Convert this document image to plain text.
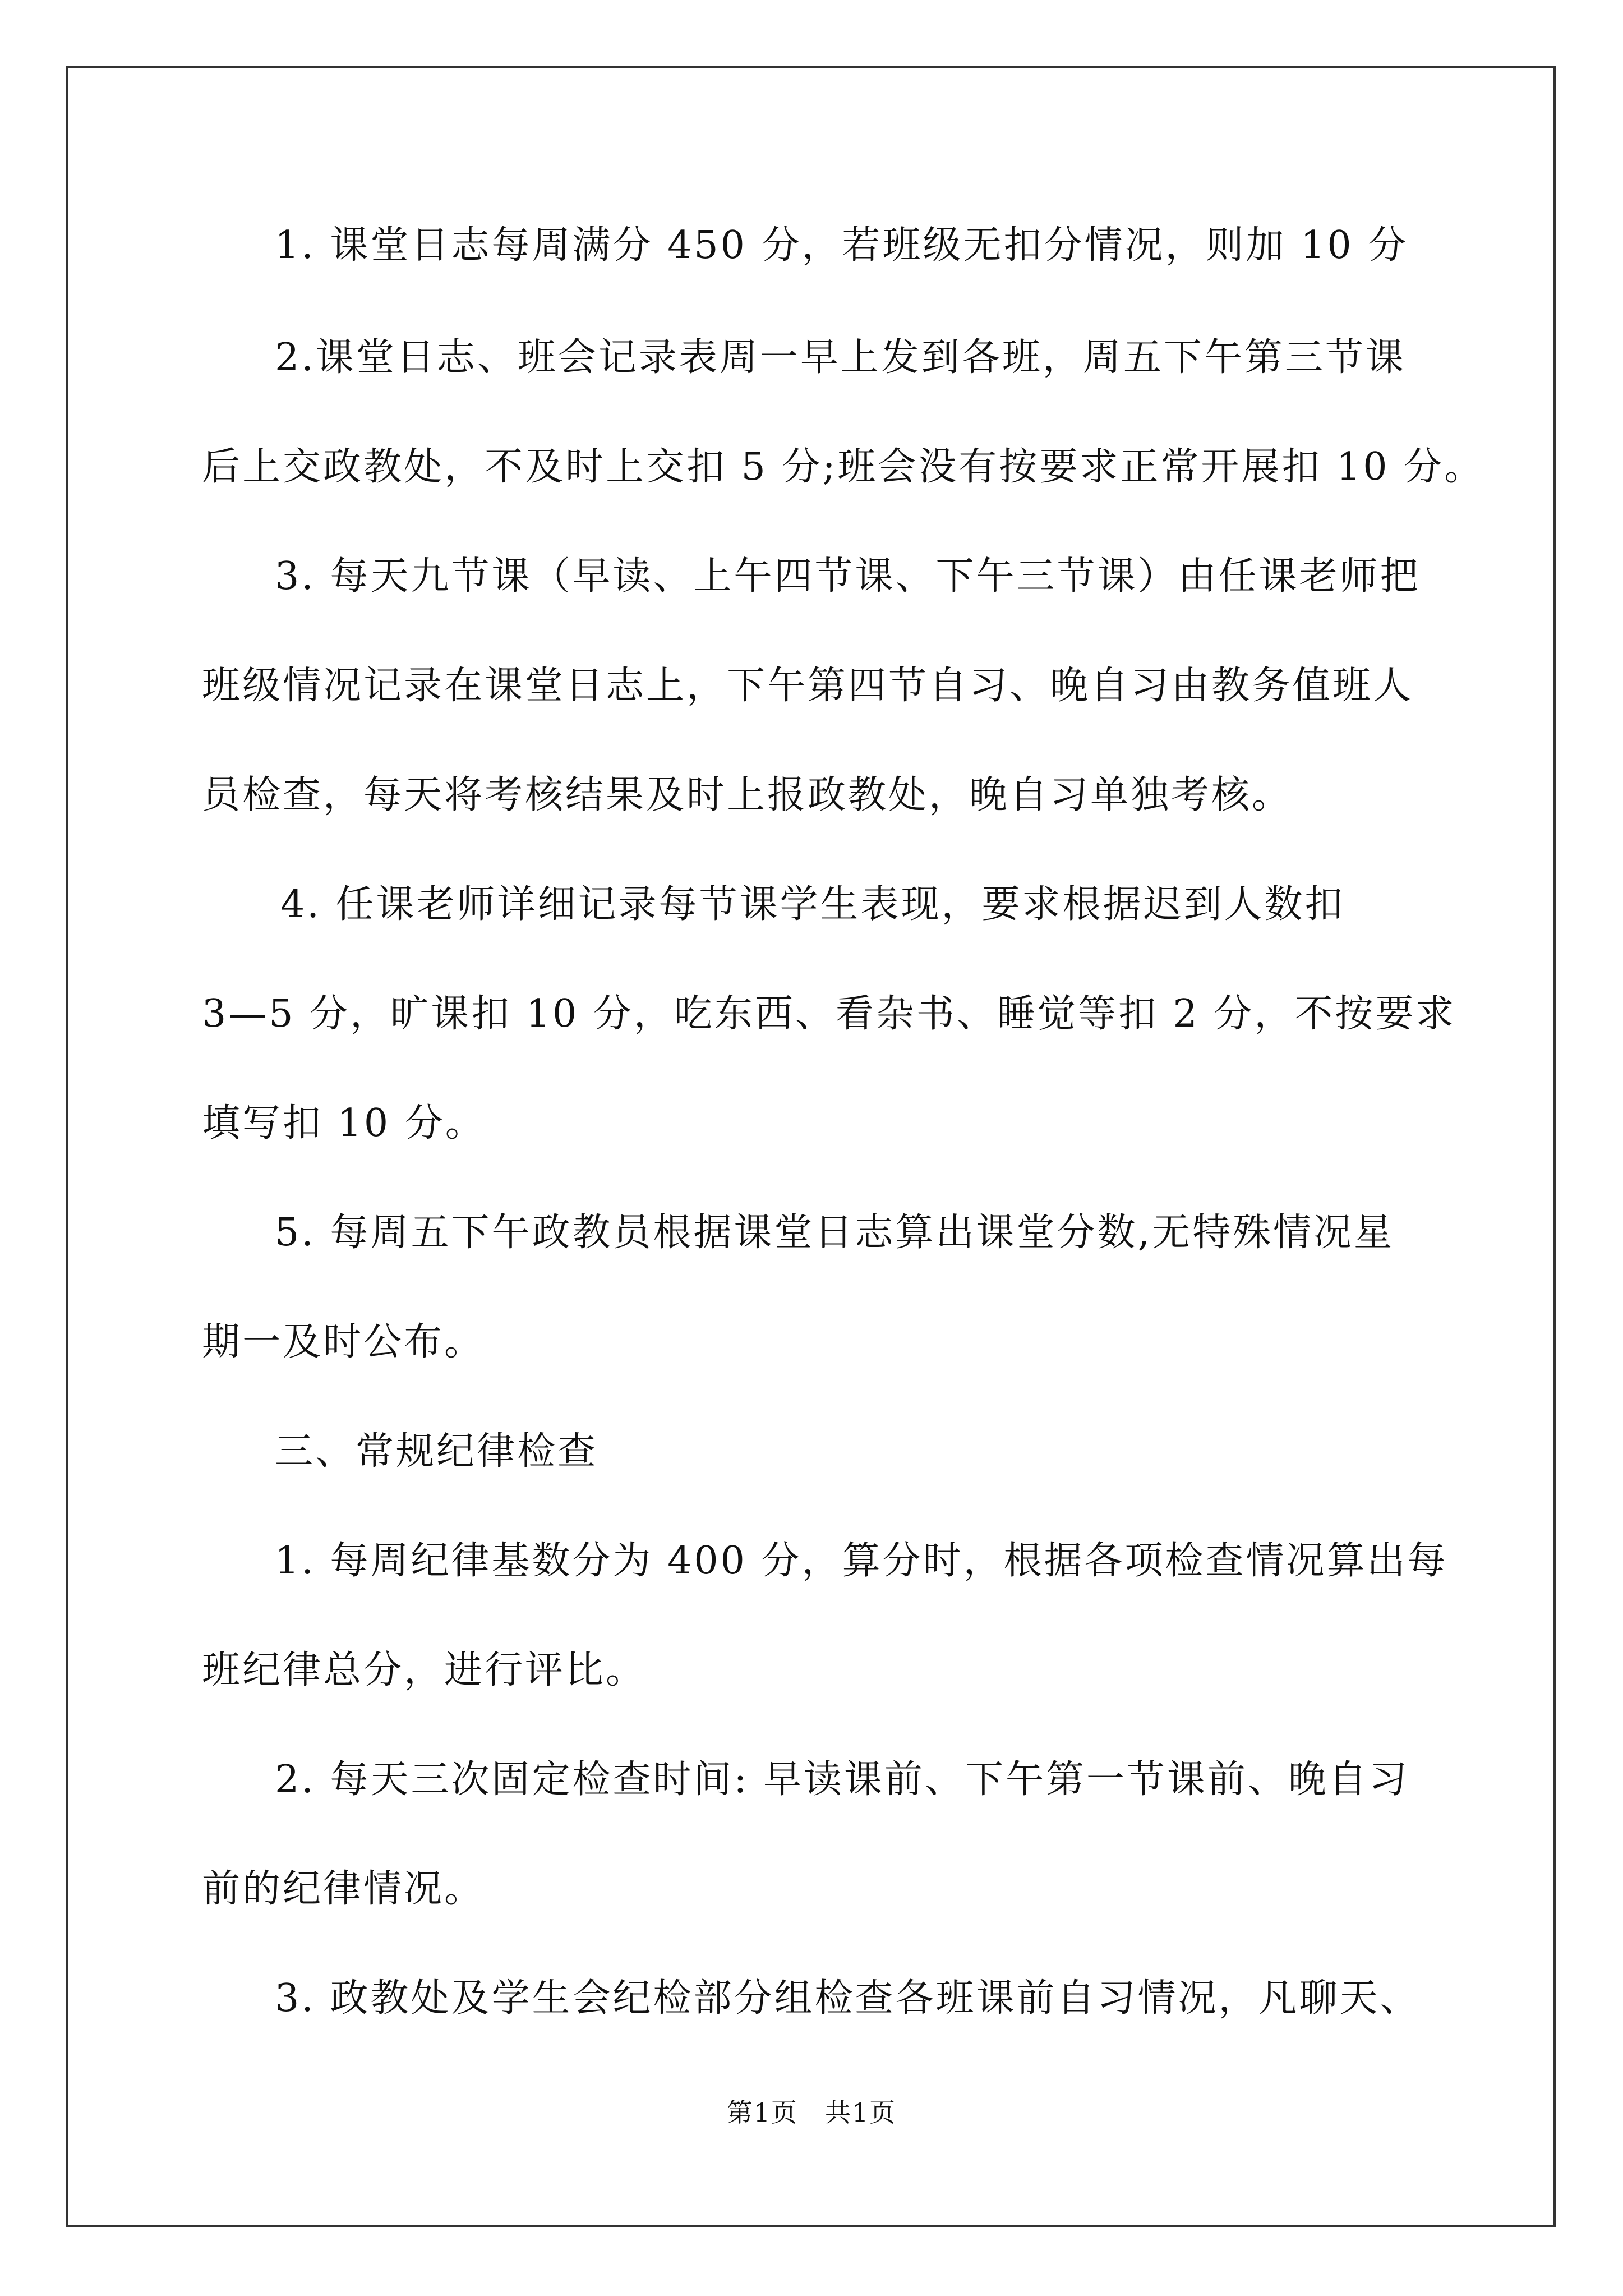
1. 课堂日志每周满分 450 分，若班级无扣分情况，则加 10 分
2.课堂日志、班会记录表周一早上发到各班，周五下午第三节课
后上交政教处，不及时上交扣 5 分;班会没有按要求正常开展扣 10 分。
3. 每天九节课（早读、上午四节课、下午三节课）由任课老师把
班级情况记录在课堂日志上，下午第四节自习、晚自习由教务值班人
员检查，每天将考核结果及时上报政教处，晚自习单独考核。
4. 任课老师详细记录每节课学生表现，要求根据迟到人数扣
3—5 分，旷课扣 10 分，吃东西、看杂书、睡觉等扣 2 分，不按要求
填写扣 10 分。
5. 每周五下午政教员根据课堂日志算出课堂分数,无特殊情况星
期一及时公布。
三、常规纪律检查
1. 每周纪律基数分为 400 分，算分时，根据各项检查情况算出每
班纪律总分，进行评比。
2. 每天三次固定检查时间: 早读课前、下午第一节课前、晚自习
前的纪律情况。
3. 政教处及学生会纪检部分组检查各班课前自习情况，凡聊天、
第1页　共1页
